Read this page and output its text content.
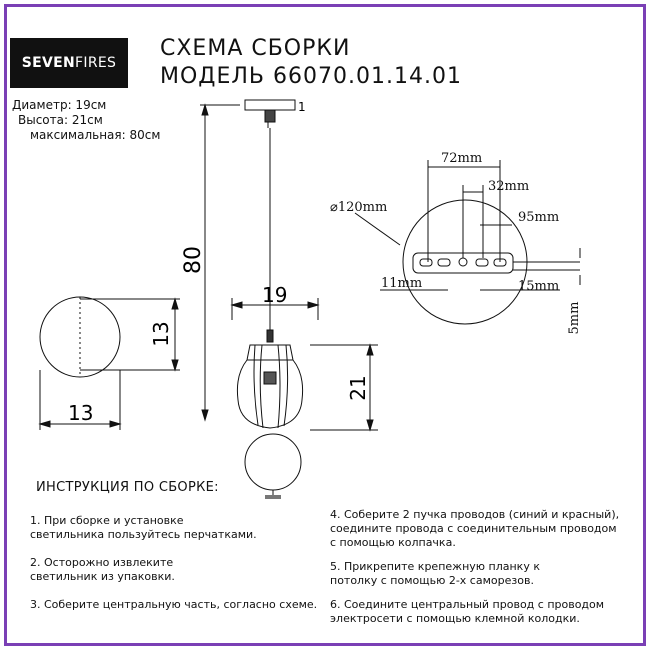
SEVENFIRES
СХЕМА СБОРКИ
МОДЕЛЬ 66070.01.14.01
Диаметр: 19см
Высота: 21см
максимальная: 80см
80
19
21
13
13
1
⌀120mm
72mm
32mm
95mm
11mm	15mm
5mm
ИНСТРУКЦИЯ ПО СБОРКЕ:
1. При сборке и установке
светильника пользуйтесь перчатками.
2. Осторожно извлеките
светильник из упаковки.
3. Соберите центральную часть, согласно схеме.
4. Соберите 2 пучка проводов (синий и красный),
соедините провода с соединительным проводом
с помощью колпачка.
5. Прикрепите крепежную планку к
потолку с помощью 2-х саморезов.
6. Соедините центральный провод с проводом
электросети с помощью клемной колодки.
